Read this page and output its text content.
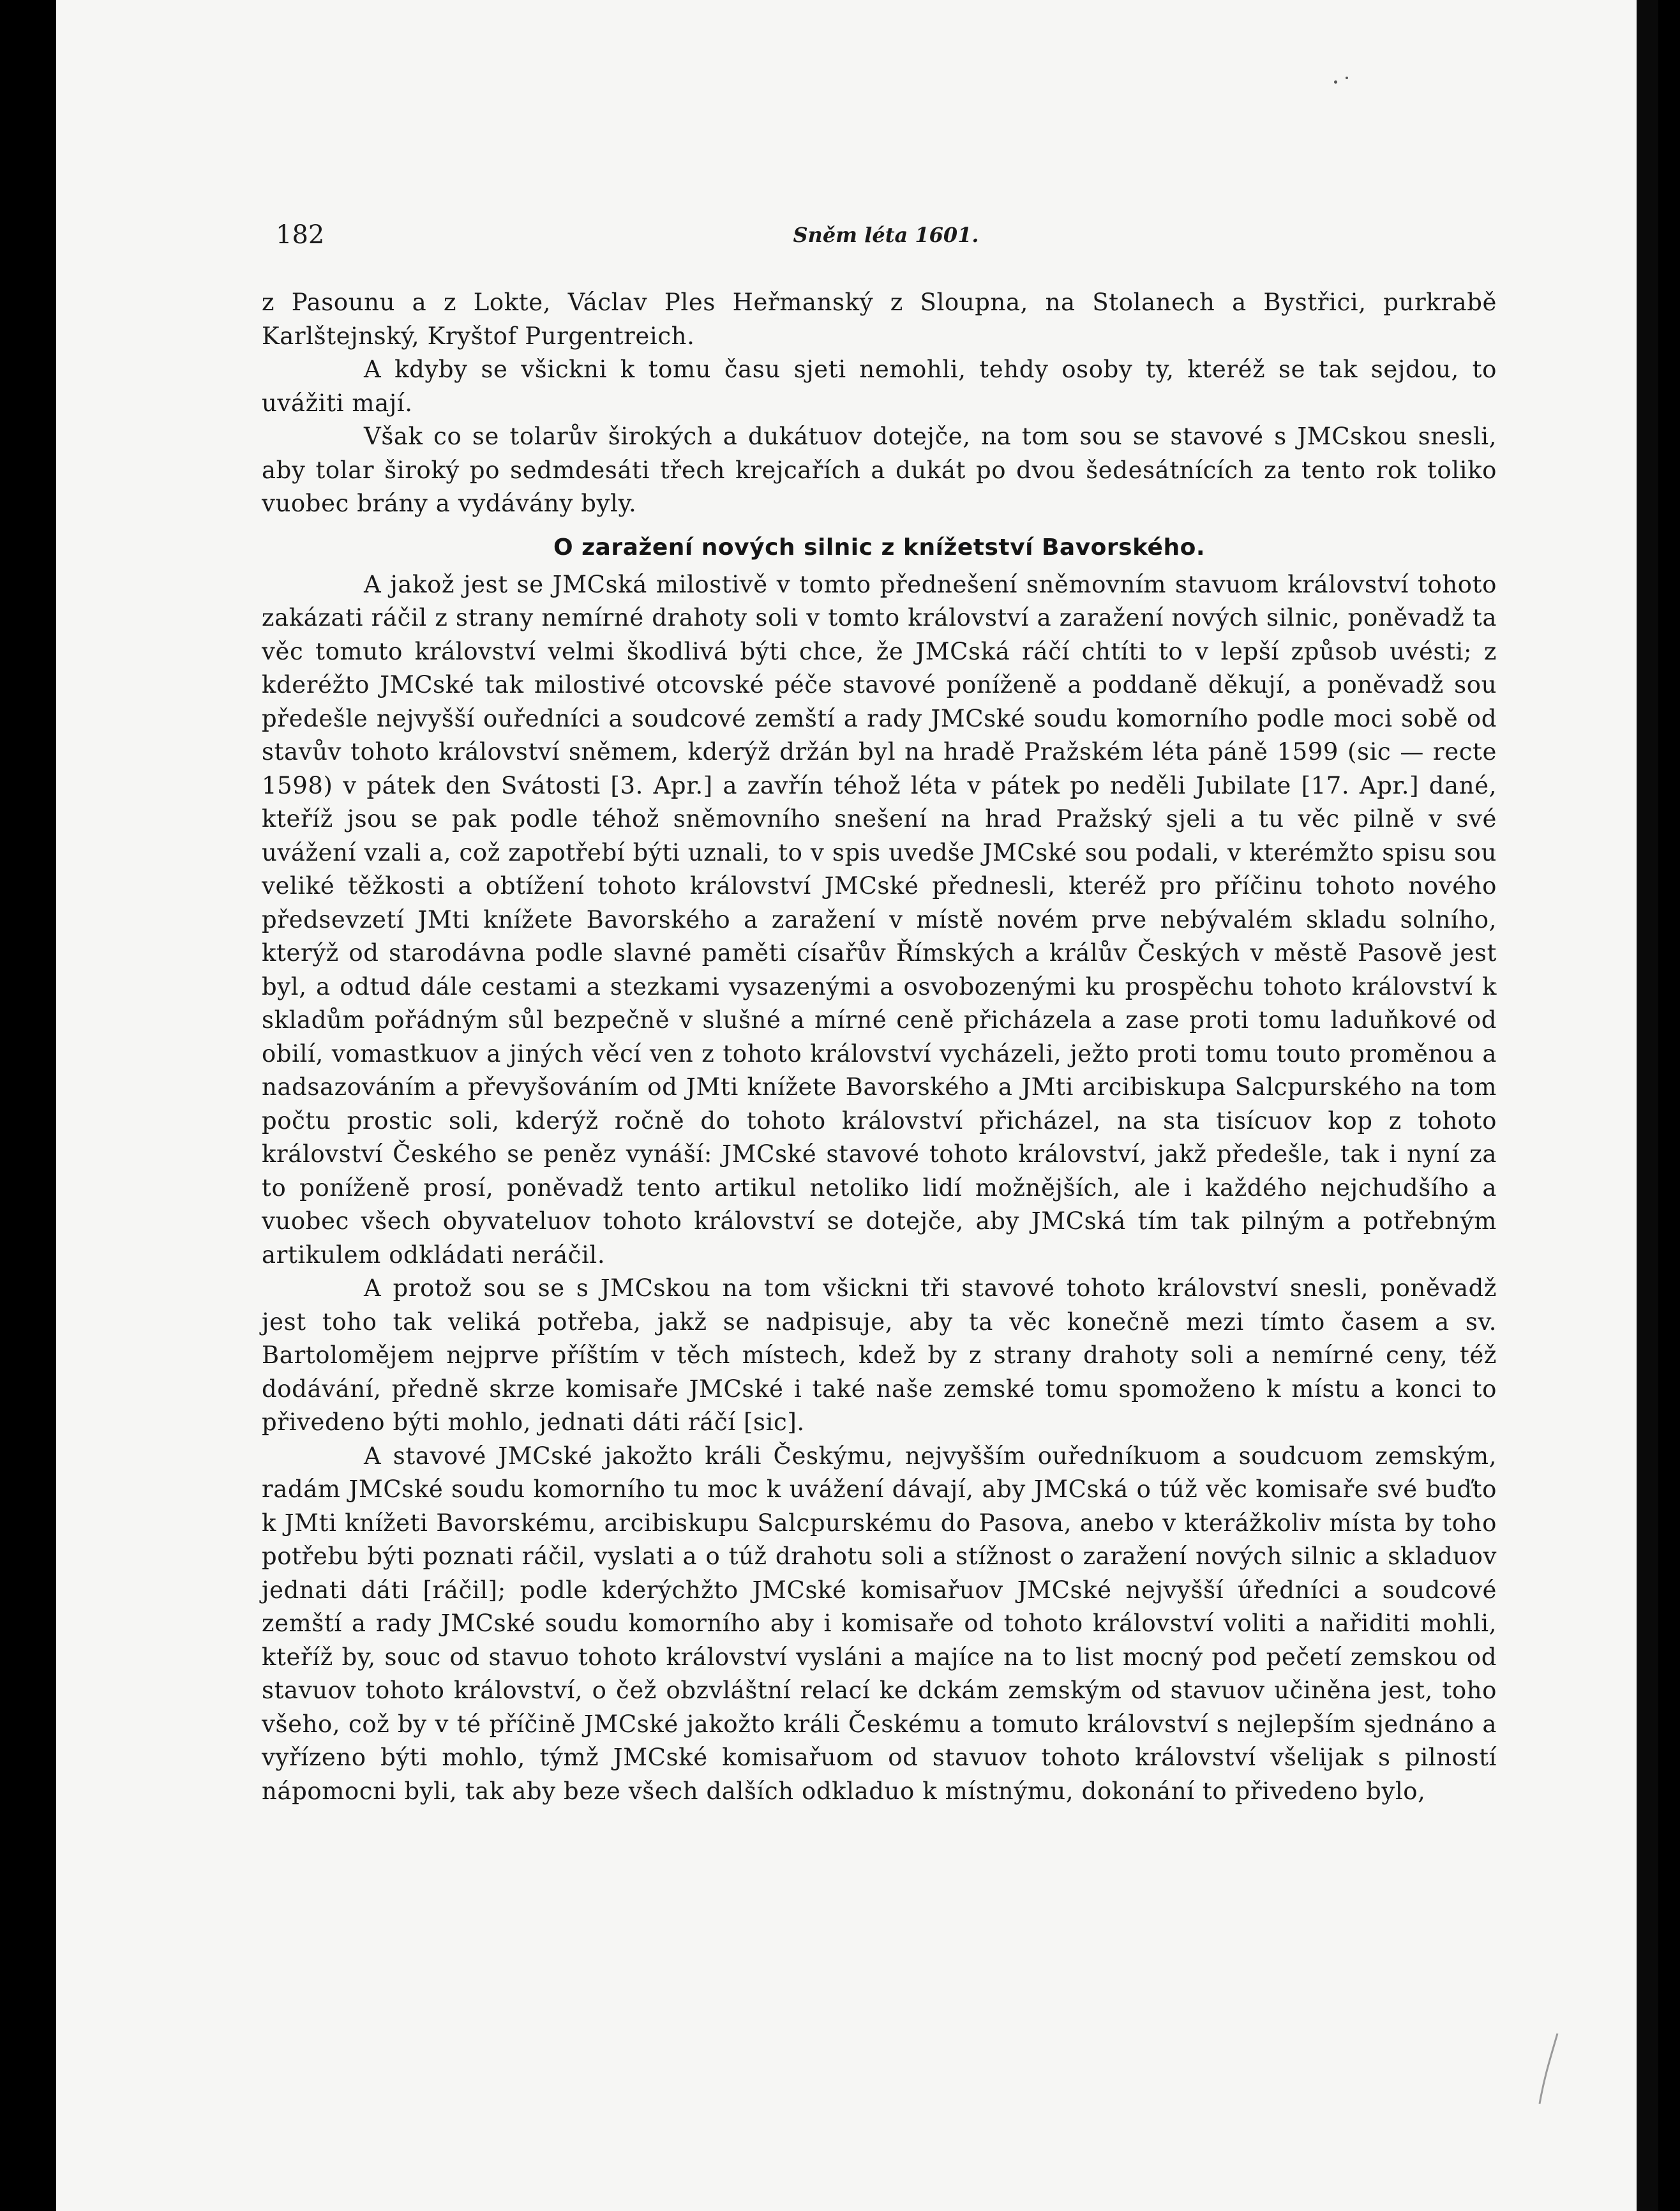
182	Sněm léta 1601.

z Pasounu a z Lokte, Václav Ples Heřmanský z Sloupna, na Stolanech a Bystřici, purkrabě Karlštejnský, Kryštof Purgentreich.

A kdyby se všickni k tomu času sjeti nemohli, tehdy osoby ty, kteréž se tak sejdou, to uvážiti mají.

Však co se tolarův širokých a dukátuov dotejče, na tom sou se stavové s JMCskou snesli, aby tolar široký po sedmdesáti třech krejcařích a dukát po dvou šedesátnících za tento rok toliko vuobec brány a vydávány byly.

O zaražení nových silnic z knížetství Bavorského.

A jakož jest se JMCská milostivě v tomto přednešení sněmovním stavuom království tohoto zakázati ráčil z strany nemírné drahoty soli v tomto království a zaražení nových silnic, poněvadž ta věc tomuto království velmi škodlivá býti chce, že JMCská ráčí chtíti to v lepší způsob uvésti; z kderéžto JMCské tak milostivé otcovské péče stavové poníženě a poddaně děkují, a poněvadž sou předešle nejvyšší ouředníci a soudcové zemští a rady JMCské soudu komorního podle moci sobě od stavův tohoto království sněmem, kderýž držán byl na hradě Pražském léta páně 1599 (sic — recte 1598) v pátek den Svátosti [3. Apr.] a zavřín téhož léta v pátek po neděli Jubilate [17. Apr.] dané, kteříž jsou se pak podle téhož sněmovního snešení na hrad Pražský sjeli a tu věc pilně v své uvážení vzali a, což zapotřebí býti uznali, to v spis uvedše JMCské sou podali, v kterémžto spisu sou veliké těžkosti a obtížení tohoto království JMCské přednesli, kteréž pro příčinu tohoto nového předsevzetí JMti knížete Bavorského a zaražení v místě novém prve nebývalém skladu solního, kterýž od starodávna podle slavné paměti císařův Římských a králův Českých v městě Pasově jest byl, a odtud dále cestami a stezkami vysazenými a osvobozenými ku prospěchu tohoto království k skladům pořádným sůl bezpečně v slušné a mírné ceně přicházela a zase proti tomu laduňkové od obilí, vomastkuov a jiných věcí ven z tohoto království vycházeli, ježto proti tomu touto proměnou a nadsazováním a převyšováním od JMti knížete Bavorského a JMti arcibiskupa Salcpurského na tom počtu prostic soli, kderýž ročně do tohoto království přicházel, na sta tisícuov kop z tohoto království Českého se peněz vynáší: JMCské stavové tohoto království, jakž předešle, tak i nyní za to poníženě prosí, poněvadž tento artikul netoliko lidí možnějších, ale i každého nejchudšího a vuobec všech obyvateluov tohoto království se dotejče, aby JMCská tím tak pilným a potřebným artikulem odkládati neráčil.

A protož sou se s JMCskou na tom všickni tři stavové tohoto království snesli, poněvadž jest toho tak veliká potřeba, jakž se nadpisuje, aby ta věc konečně mezi tímto časem a sv. Bartolomějem nejprve příštím v těch místech, kdež by z strany drahoty soli a nemírné ceny, též dodávání, předně skrze komisaře JMCské i také naše zemské tomu spomoženo k místu a konci to přivedeno býti mohlo, jednati dáti ráčí [sic].

A stavové JMCské jakožto králi Českýmu, nejvyšším ouředníkuom a soudcuom zemským, radám JMCské soudu komorního tu moc k uvážení dávají, aby JMCská o túž věc komisaře své buďto k JMti knížeti Bavorskému, arcibiskupu Salcpurskému do Pasova, anebo v kterážkoliv místa by toho potřebu býti poznati ráčil, vyslati a o túž drahotu soli a stížnost o zaražení nových silnic a skladuov jednati dáti [ráčil]; podle kderýchžto JMCské komisařuov JMCské nejvyšší úředníci a soudcové zemští a rady JMCské soudu komorního aby i komisaře od tohoto království voliti a nařiditi mohli, kteříž by, souc od stavuo tohoto království vysláni a majíce na to list mocný pod pečetí zemskou od stavuov tohoto království, o čež obzvláštní relací ke dckám zemským od stavuov učiněna jest, toho všeho, což by v té příčině JMCské jakožto králi Českému a tomuto království s nejlepším sjednáno a vyřízeno býti mohlo, týmž JMCské komisařuom od stavuov tohoto království všelijak s pilností nápomocni byli, tak aby beze všech dalších odkladuo k místnýmu, dokonání to přivedeno bylo,
